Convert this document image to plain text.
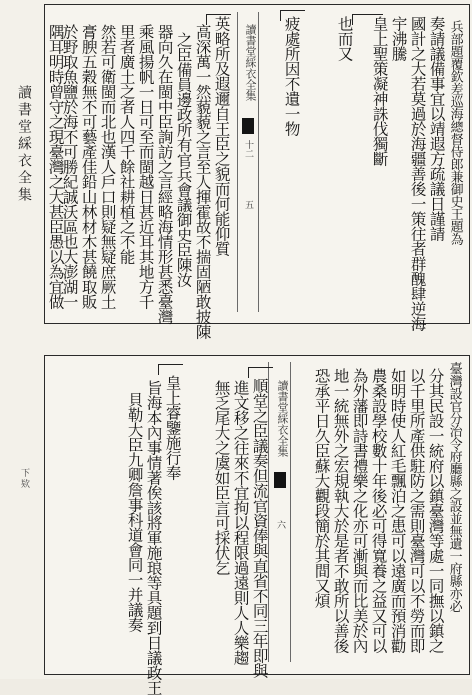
讀書堂綵衣全集
下欵
兵部題覆欽差巡海總督侍郎兼御史王題為
奏請議備事宜以靖遐方疏議日謹請
國計之大若莫過於海疆善後一策往者群醜肆逆海
宇沸騰
皇上聖策凝神誅伐獨斷
也而又
疲處所因不遺一物
讀書堂綵衣全集
十二
五
英略所及遐邇自王臣之貌而何能仰質
高深萬一然藐藐之言至人揮霍故不揣固陋敢披陳
之臣備員邊政所有官兵會議御史臣陳汝
器向久在閩中臣詢訪之言經略海情形甚悉臺灣
乘風揚帆一日可至而閩越日甚近耳其地方千
里者廣土之者人四千餘社耕植之不能
然若可衛閩而北也漢人戶口則疑無疑庶厥土
膏腴五穀無不可藝產佳鉛山林材木甚饒取販
於野取魚鹽於海不可勝紀誠沃區也大澎湖一
隅耳明時曾守之現臺灣之大甚臣愚以為宜做
臺灣設官分治令府廳縣之設並無遺一府縣亦必
分其民設一統府以鎮臺灣等處一同撫以鎮之
以千里所產供駐防之需則臺灣可以不勞而即
如明時使人紅毛飄泊之患可以遠廣而預消勸
農桑設學校數十年後必可得寬養之益又可以
為外藩即詩書禮樂之化亦可漸與而比美於內
地一統無外之宏規執大於是者不敢所以善後
恐承平日久臣蘇大觀段簡於其間又煩
讀書堂綵衣全集
六
順堂之臣議奏但流官資俸與直省不同三年即與
進文移之往來不宜拘以程限過遠則人人樂趨
無乏尾大之虞如臣言可採伏乞
皇上睿鑒施行奉
旨海本內事情著俟該將軍施琅等具題到日議政王
貝勒大臣九卿詹事科道會同一并議奏
